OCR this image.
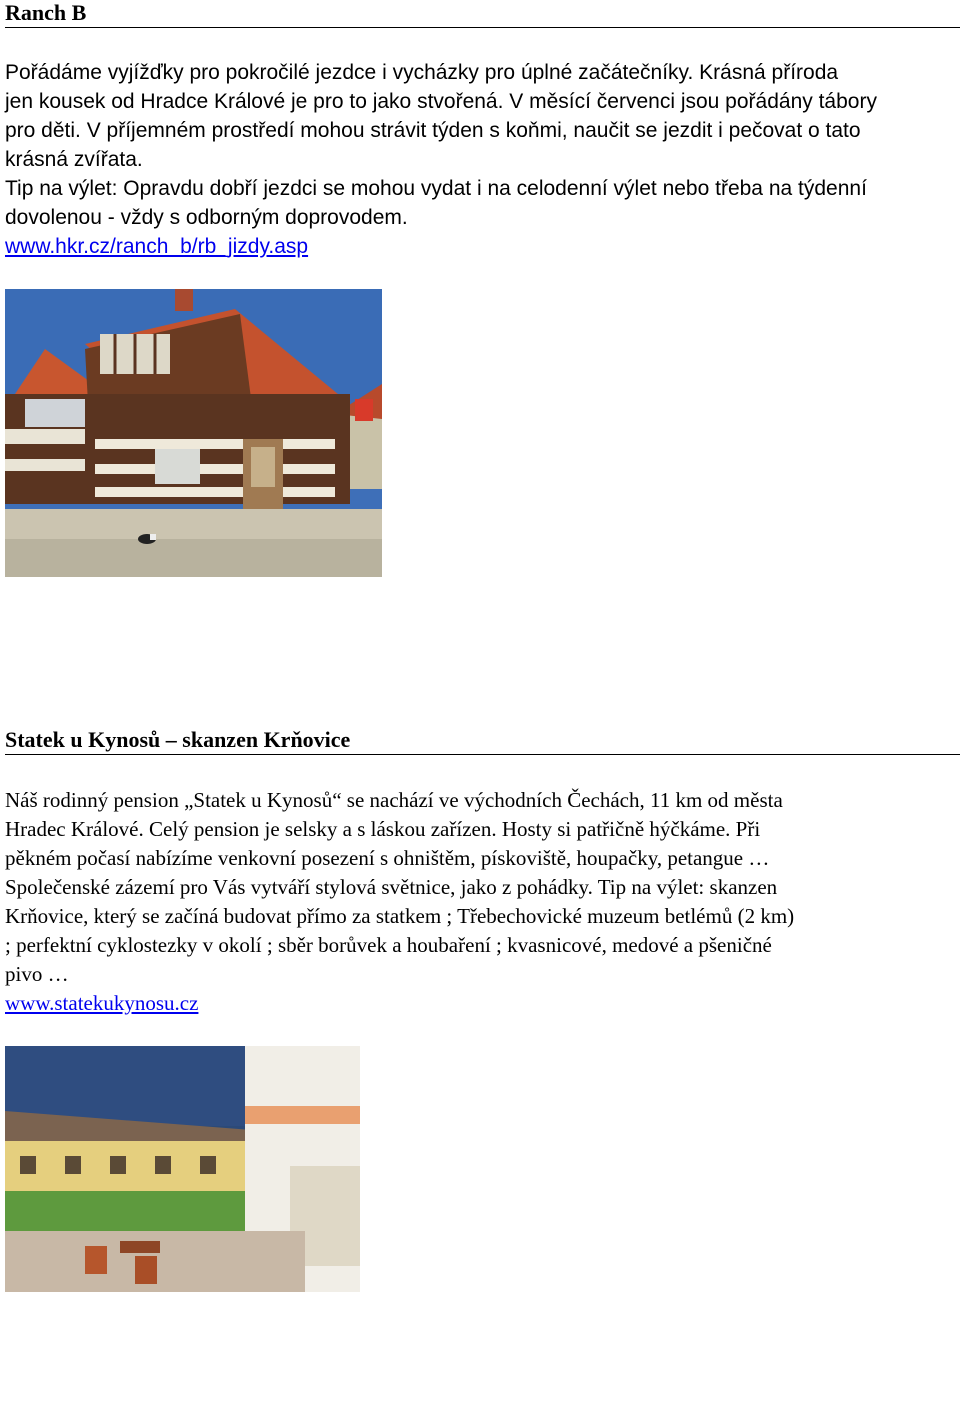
Ranch B
Pořádáme vyjížďky pro pokročilé jezdce i vycházky pro úplné začátečníky. Krásná příroda
jen kousek od Hradce Králové je pro to jako stvořená. V měsící červenci jsou pořádány tábory
pro děti. V příjemném prostředí mohou strávit týden s koňmi, naučit se jezdit i pečovat o tato
krásná zvířata.
Tip na výlet: Opravdu dobří jezdci se mohou vydat i na celodenní výlet nebo třeba na týdenní
dovolenou - vždy s odborným doprovodem.
www.hkr.cz/ranch_b/rb_jizdy.asp
Statek u Kynosů – skanzen Krňovice
Náš rodinný pension „Statek u Kynosů“ se nachází ve východních Čechách, 11 km od města
Hradec Králové. Celý pension je selsky a s láskou zařízen. Hosty si patřičně hýčkáme. Při
pěkném počasí nabízíme venkovní posezení s ohništěm, pískoviště, houpačky, petangue …
Společenské zázemí pro Vás vytváří stylová světnice, jako z pohádky. Tip na výlet: skanzen
Krňovice, který se začíná budovat přímo za statkem ; Třebechovické muzeum betlémů (2 km)
; perfektní cyklostezky v okolí ; sběr borůvek a houbaření ; kvasnicové, medové a pšeničné
pivo …
www.statekukynosu.cz
